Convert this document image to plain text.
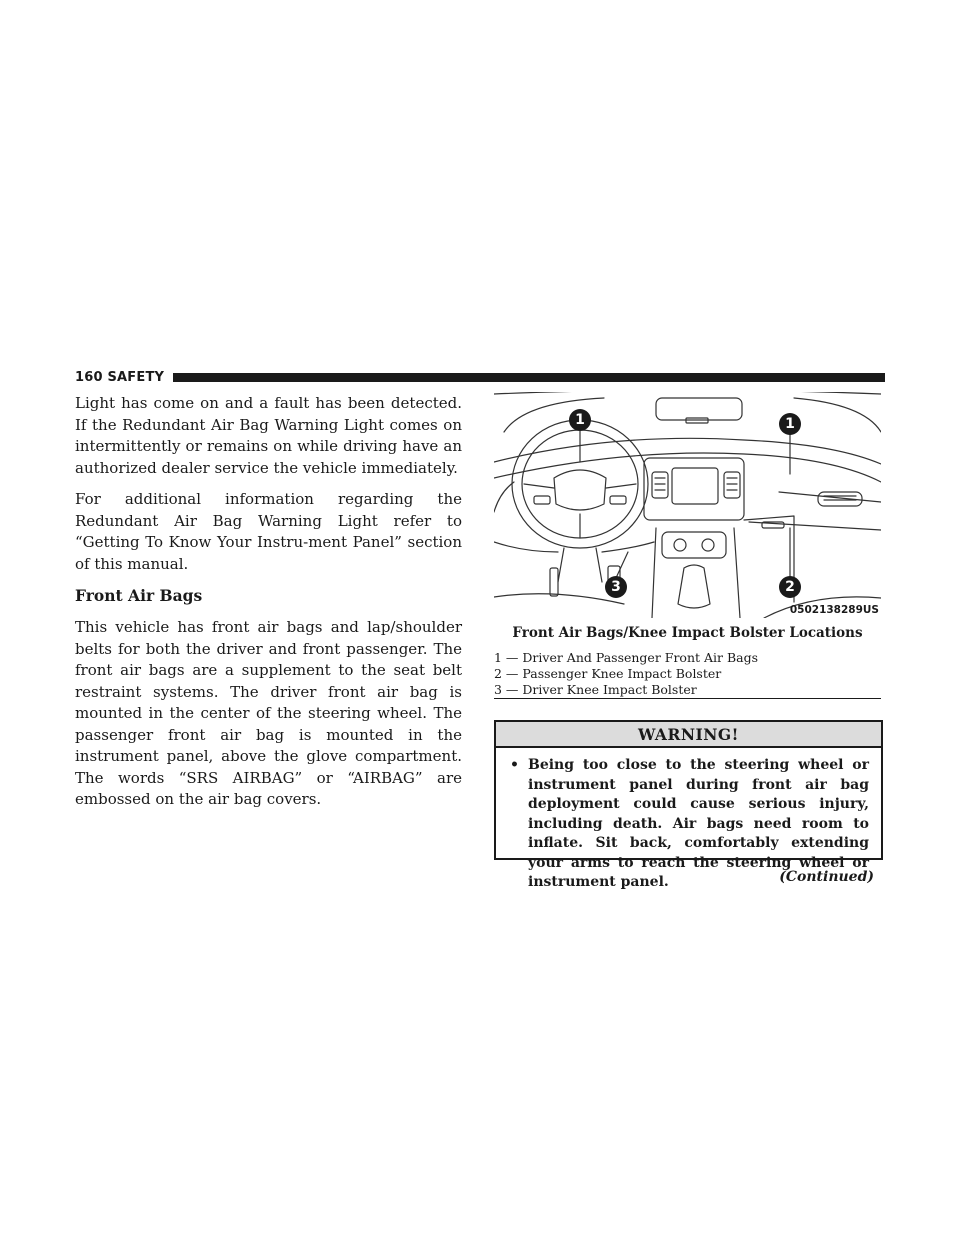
160 SAFETY

Light has come on and a fault has been detected. If the Redundant Air Bag Warning Light comes on intermittently or remains on while driving have an authorized dealer service the vehicle immediately.

For additional information regarding the Redundant Air Bag Warning Light refer to “Getting To Know Your Instru-ment Panel” section of this manual.

Front Air Bags

This vehicle has front air bags and lap/shoulder belts for both the driver and front passenger. The front air bags are a supplement to the seat belt restraint systems. The driver front air bag is mounted in the center of the steering wheel. The passenger front air bag is mounted in the instrument panel, above the glove compartment. The words “SRS AIRBAG” or “AIRBAG” are embossed on the air bag covers.

1	1
2
3
0502138289US
Front Air Bags/Knee Impact Bolster Locations
1 — Driver And Passenger Front Air Bags
2 — Passenger Knee Impact Bolster
3 — Driver Knee Impact Bolster
WARNING!
• Being too close to the steering wheel or instrument panel during front air bag deployment could cause serious injury, including death. Air bags need room to inflate. Sit back, comfortably extending your arms to reach the steering wheel or instrument panel.	(Continued)
